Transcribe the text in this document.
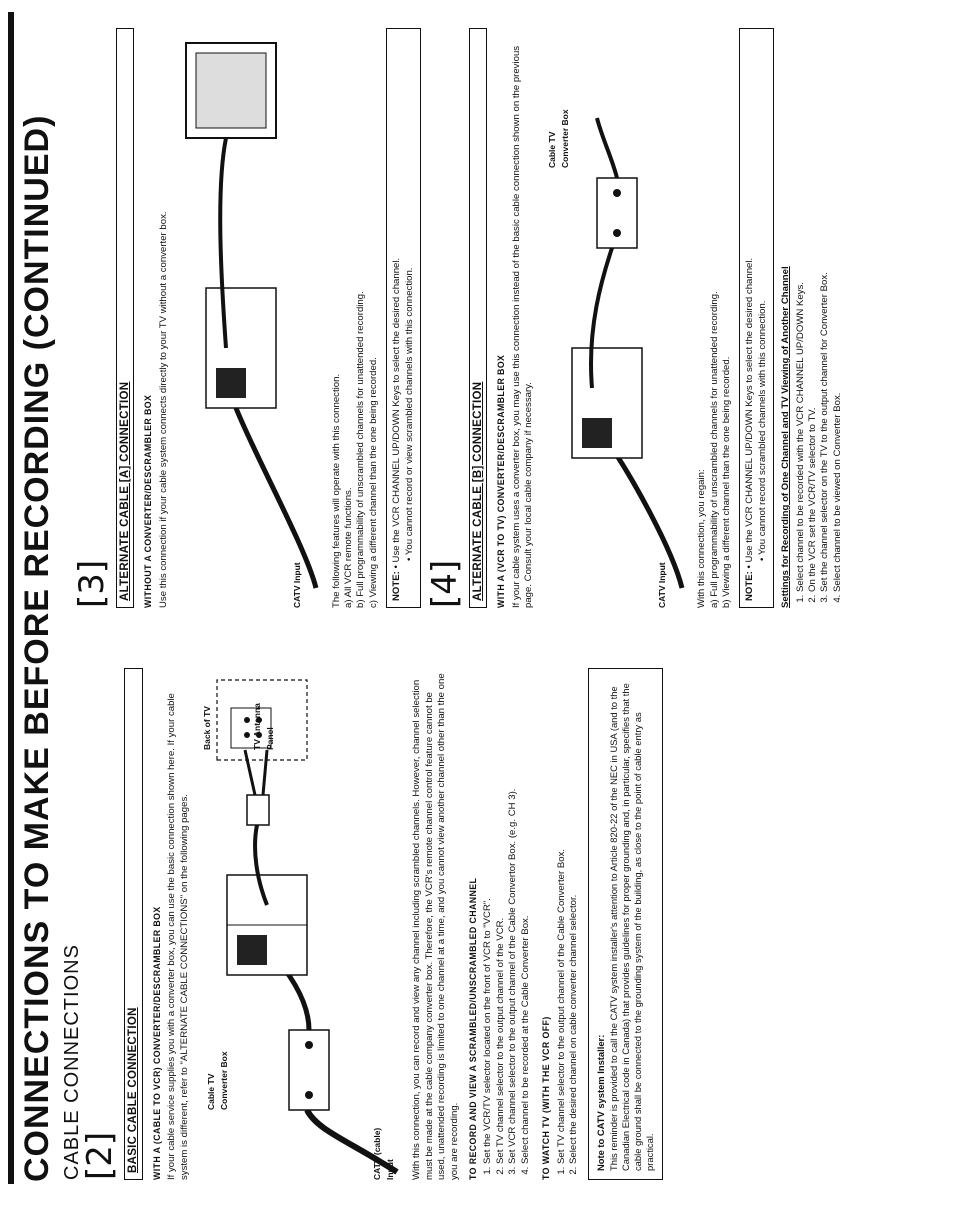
CONNECTIONS TO MAKE BEFORE RECORDING (CONTINUED) CABLE CONNECTIONS
[2] BASIC CABLE CONNECTION	WITH A (CABLE TO VCR) CONVERTER/DESCRAMBLER BOX If your cable service supplies you with a converter box, you can use the basic connection shown here. If your cable system is different, refer to "ALTERNATE CABLE CONNECTIONS" on the following pages.	CATV (cable) Input
Cable TV Converter Box
Back of TV	TV Antenna Panel	With this connection, you can record and view any channel including scrambled channels. However, channel selection must be made at the cable company converter box. Therefore, the VCR's remote channel control feature cannot be used, unattended recording is limited to one channel at a time, and you cannot view another channel other than the one you are recording. TO RECORD AND VIEW A SCRAMBLED/UNSCRAMBLED CHANNEL 1. Set the VCR/TV selector located on the front of VCR to "VCR". 2. Set TV channel selector to the output channel of the VCR. 3. Set VCR channel selector to the output channel of the Cable Convertor Box. (e.g. CH 3). 4. Select channel to be recorded at the Cable Converter Box. TO WATCH TV (WITH THE VCR OFF) 1. Set TV channel selector to the output channel of the Cable Converter Box. 2. Select the desired channel on cable converter channel selector. Note to CATV system Installer: This reminder is provided to call the CATV system installer's attention to Article 820-22 of the NEC in USA (and to the Canadian Electrical code in Canada) that provides guidelines for proper grounding and, in particular, specifies that the cable ground shall be connected to the grounding system of the building, as close to the point of cable entry as practical.
[3] ALTERNATE CABLE [A] CONNECTION	WITHOUT A CONVERTER/DESCRAMBLER BOX Use this connection if your cable system connects directly to your TV without a converter box.	CATV Input	The following features will operate with this connection. a) All VCR remote functions. b) Full programmability of unscrambled channels for unattended recording. c) Viewing a different channel than the one being recorded.	NOTE: • Use the VCR CHANNEL UP/DOWN Keys to select the desired channel. • You cannot record or view scrambled channels with this connection.
[4] ALTERNATE CABLE [B] CONNECTION	WITH A (VCR TO TV) CONVERTER/DESCRAMBLER BOX If your cable system uses a converter box, you may use this connection instead of the basic cable connection shown on the previous page. Consult your local cable company if necessary.	CATV Input
Cable TV Converter Box
With this connection, you regain: a) Full programmability of unscrambled channels for unattended recording. b) Viewing a different channel than the one being recorded.	NOTE: • Use the VCR CHANNEL UP/DOWN Keys to select the desired channel. • You cannot record scrambled channels with this connection. Settings for Recording of One Channel and TV Viewing of Another Channel 1. Select channel to be recorded with the VCR CHANNEL UP/DOWN Keys. 2. On the VCR set the VCR/TV selector to TV. 3. Set the channel selector on the TV to the output channel for Converter Box. 4. Select channel to be viewed on Converter Box.
